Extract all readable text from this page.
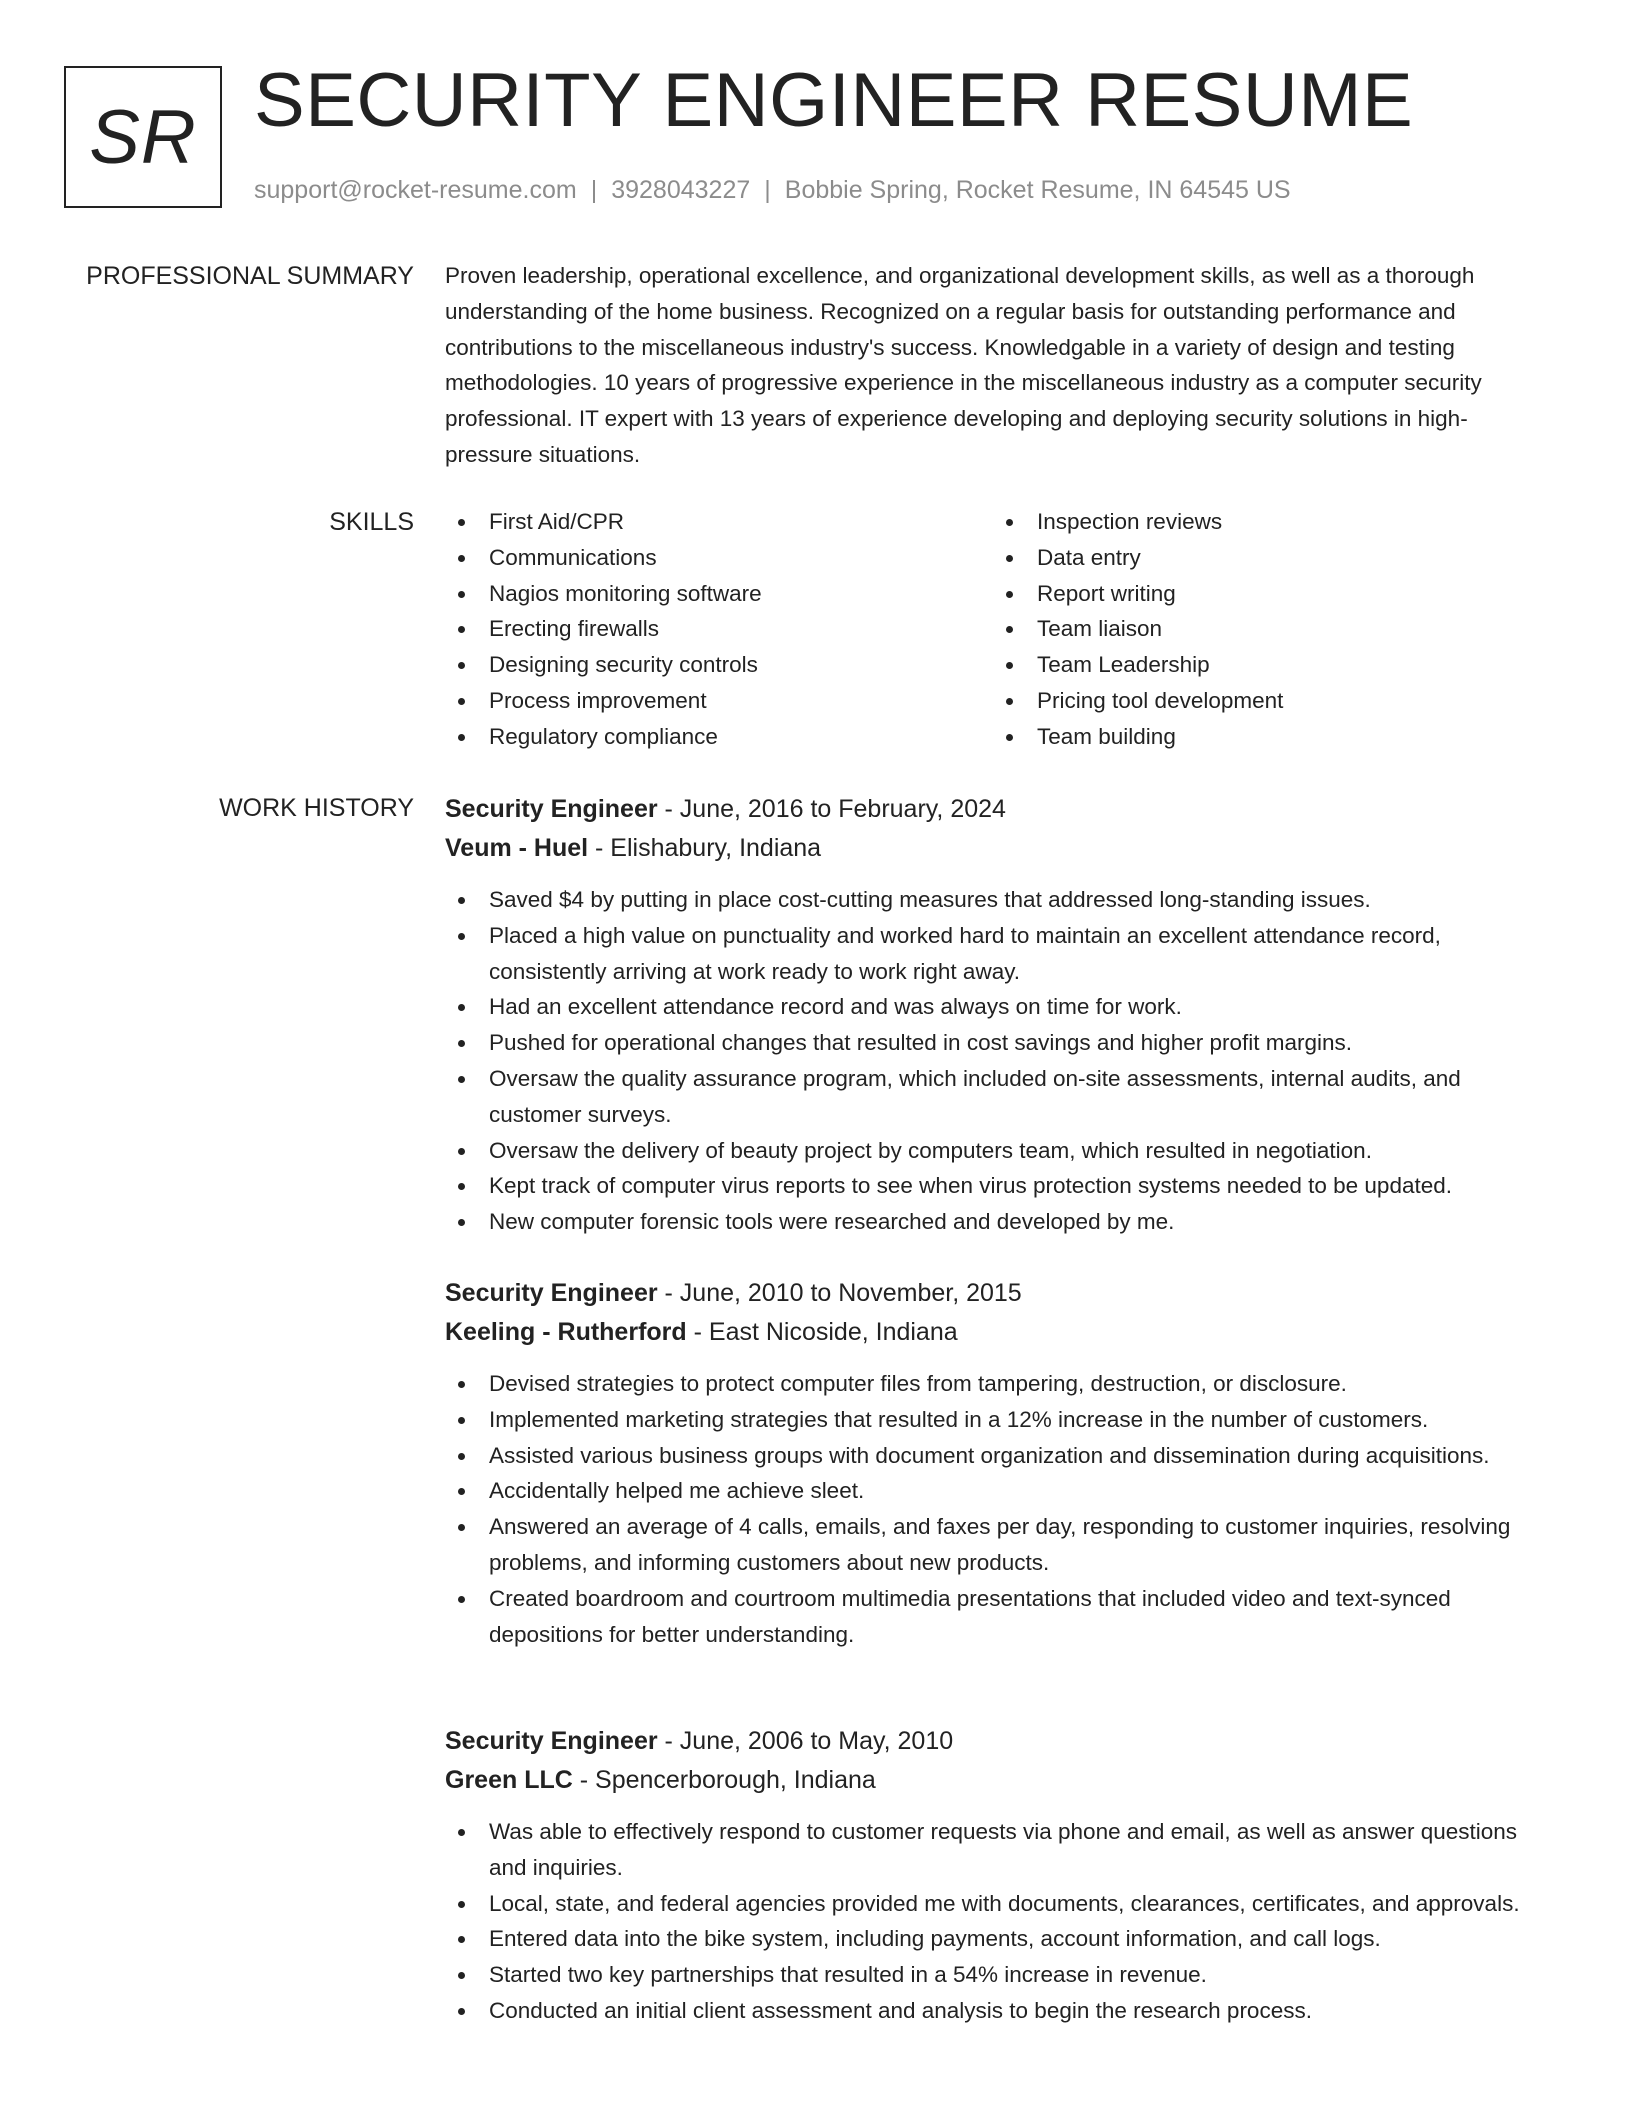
SR SECURITY ENGINEER RESUME
support@rocket-resume.com | 3928043227 | Bobbie Spring, Rocket Resume, IN 64545 US
PROFESSIONAL SUMMARY Proven leadership, operational excellence, and organizational development skills, as well as a thorough understanding of the home business. Recognized on a regular basis for outstanding performance and contributions to the miscellaneous industry's success. Knowledgable in a variety of design and testing methodologies. 10 years of progressive experience in the miscellaneous industry as a computer security professional. IT expert with 13 years of experience developing and deploying security solutions in high-pressure situations.

SKILLS	First Aid/CPR
Communications
Nagios monitoring software
Erecting firewalls
Designing security controls
Process improvement
Regulatory compliance
Inspection reviews
Data entry
Report writing
Team liaison
Team Leadership
Pricing tool development
Team building
WORK HISTORY Security Engineer - June, 2016 to February, 2024
Veum - Huel - Elishabury, Indiana
Saved $4 by putting in place cost-cutting measures that addressed long-standing issues.
Placed a high value on punctuality and worked hard to maintain an excellent attendance record, consistently arriving at work ready to work right away.
Had an excellent attendance record and was always on time for work.
Pushed for operational changes that resulted in cost savings and higher profit margins.
Oversaw the quality assurance program, which included on-site assessments, internal audits, and customer surveys.
Oversaw the delivery of beauty project by computers team, which resulted in negotiation.
Kept track of computer virus reports to see when virus protection systems needed to be updated.
New computer forensic tools were researched and developed by me.
Security Engineer - June, 2010 to November, 2015
Keeling - Rutherford - East Nicoside, Indiana
Devised strategies to protect computer files from tampering, destruction, or disclosure.
Implemented marketing strategies that resulted in a 12% increase in the number of customers.
Assisted various business groups with document organization and dissemination during acquisitions.
Accidentally helped me achieve sleet.
Answered an average of 4 calls, emails, and faxes per day, responding to customer inquiries, resolving problems, and informing customers about new products.
Created boardroom and courtroom multimedia presentations that included video and text-synced depositions for better understanding.
Security Engineer - June, 2006 to May, 2010
Green LLC - Spencerborough, Indiana
Was able to effectively respond to customer requests via phone and email, as well as answer questions and inquiries.
Local, state, and federal agencies provided me with documents, clearances, certificates, and approvals.
Entered data into the bike system, including payments, account information, and call logs.
Started two key partnerships that resulted in a 54% increase in revenue.
Conducted an initial client assessment and analysis to begin the research process.
